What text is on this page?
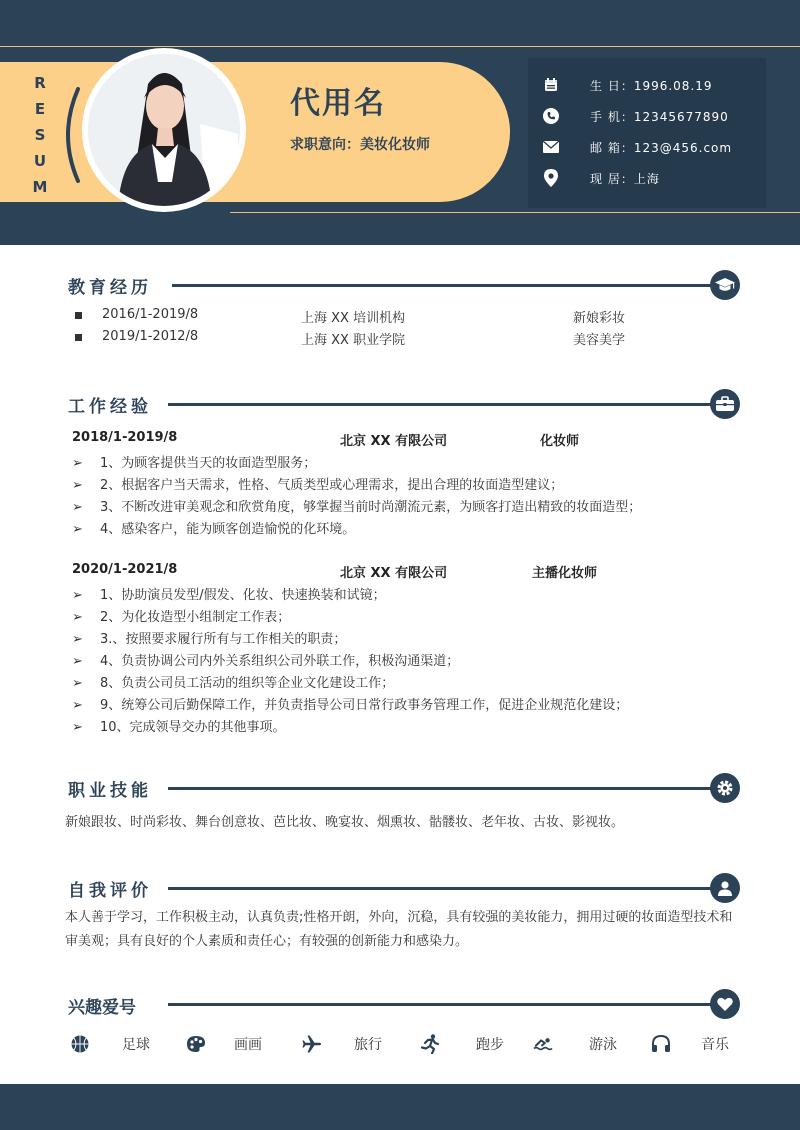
R
E
S
U
M
E
代用名
求职意向：美妆化妆师
生 日：1996.08.19
手 机：12345677890
邮 箱：123@456.com
现 居：上海
教育经历
2016/1-2019/8	上海 XX 培训机构	新娘彩妆
2019/1-2012/8	上海 XX 职业学院	美容美学
工作经验
2018/1-2019/8	北京 XX 有限公司	化妆师
➢ 1、为顾客提供当天的妆面造型服务；
➢ 2、根据客户当天需求，性格、气质类型或心理需求，提出合理的妆面造型建议；
➢ 3、不断改进审美观念和欣赏角度，够掌握当前时尚潮流元素，为顾客打造出精致的妆面造型；
➢ 4、感染客户，能为顾客创造愉悦的化环境。
2020/1-2021/8	北京 XX 有限公司	主播化妆师
➢ 1、协助演员发型/假发、化妆、快速换装和试镜；
➢ 2、为化妆造型小组制定工作表；
➢ 3.、按照要求履行所有与工作相关的职责；
➢ 4、负责协调公司内外关系组织公司外联工作，积极沟通渠道；
➢ 8、负责公司员工活动的组织等企业文化建设工作；
➢ 9、统筹公司后勤保障工作，并负责指导公司日常行政事务管理工作，促进企业规范化建设；
➢ 10、完成领导交办的其他事项。
职业技能
新娘跟妆、时尚彩妆、舞台创意妆、芭比妆、晚宴妆、烟熏妆、骷髅妆、老年妆、古妆、影视妆。
自我评价
本人善于学习，工作积极主动，认真负责;性格开朗，外向，沉稳，具有较强的美妆能力，拥用过硬的妆面造型技术和审美观；具有良好的个人素质和责任心；有较强的创新能力和感染力。
兴趣爱号
足球	画画	旅行	跑步	游泳	音乐
